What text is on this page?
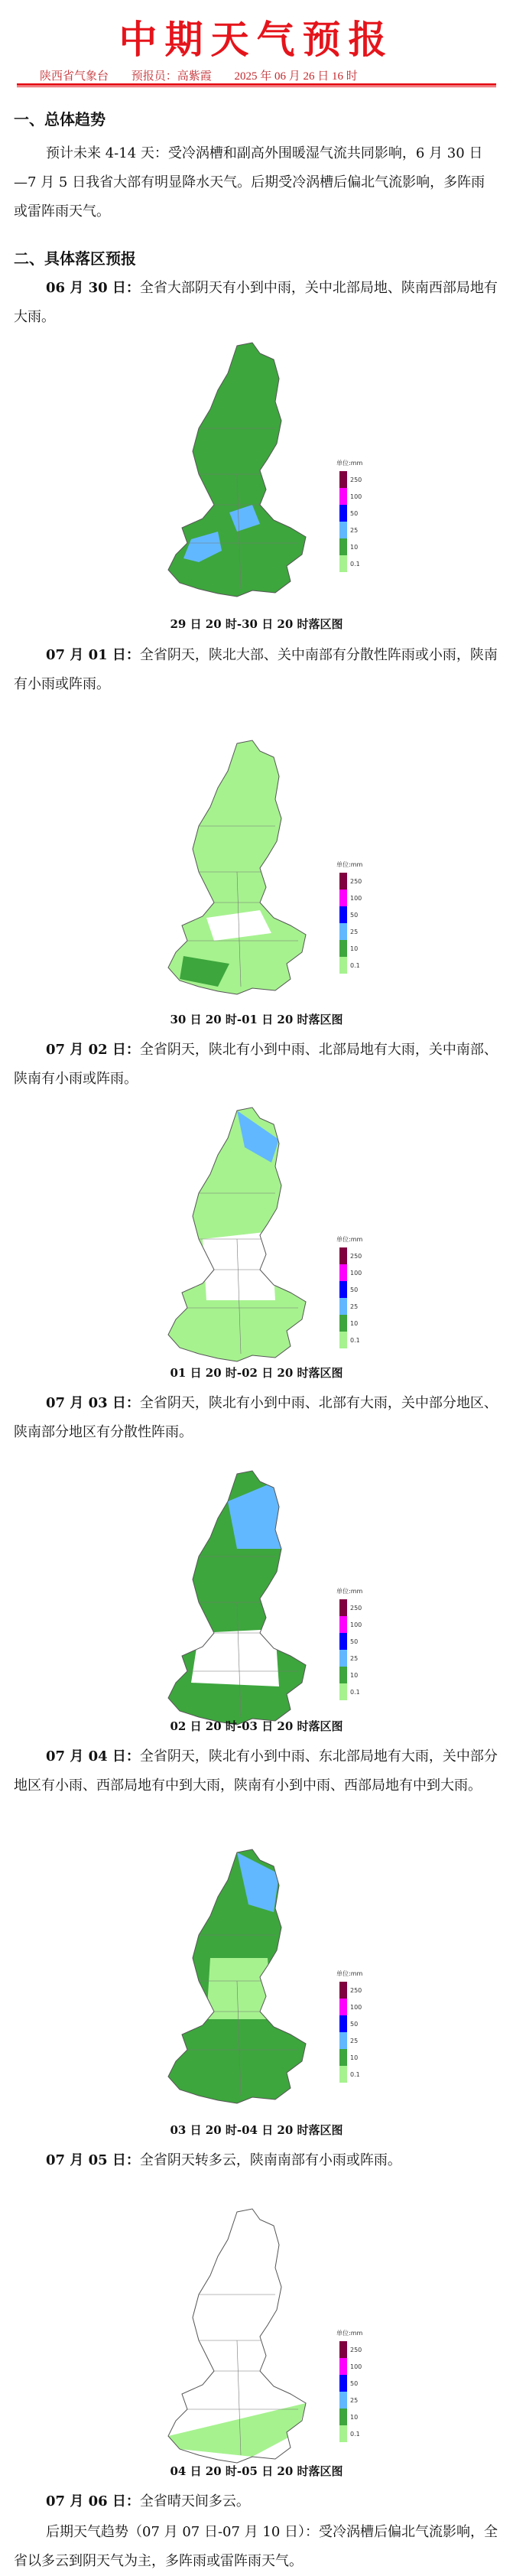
中期天气预报
陕西省气象台 预报员：高紫霞 2025 年 06 月 26 日 16 时
一、总体趋势
预计未来 4-14 天：受冷涡槽和副高外围暖湿气流共同影响，6 月 30 日—7 月 5 日我省大部有明显降水天气。后期受冷涡槽后偏北气流影响，多阵雨或雷阵雨天气。
二、具体落区预报
06 月 30 日：全省大部阴天有小到中雨，关中北部局地、陕南西部局地有大雨。
单位:mm
250
100
50
25
10
0.1
29 日 20 时-30 日 20 时落区图
07 月 01 日：全省阴天，陕北大部、关中南部有分散性阵雨或小雨，陕南有小雨或阵雨。
单位:mm
250
100
50
25
10
0.1
30 日 20 时-01 日 20 时落区图
07 月 02 日：全省阴天，陕北有小到中雨、北部局地有大雨，关中南部、陕南有小雨或阵雨。
单位:mm
250
100
50
25
10
0.1
01 日 20 时-02 日 20 时落区图
07 月 03 日：全省阴天，陕北有小到中雨、北部有大雨，关中部分地区、陕南部分地区有分散性阵雨。
单位:mm
250
100
50
25
10
0.1
02 日 20 时-03 日 20 时落区图
07 月 04 日：全省阴天，陕北有小到中雨、东北部局地有大雨，关中部分地区有小雨、西部局地有中到大雨，陕南有小到中雨、西部局地有中到大雨。
单位:mm
250
100
50
25
10
0.1
03 日 20 时-04 日 20 时落区图
07 月 05 日：全省阴天转多云，陕南南部有小雨或阵雨。
单位:mm
250
100
50
25
10
0.1
04 日 20 时-05 日 20 时落区图
07 月 06 日：全省晴天间多云。
后期天气趋势（07 月 07 日-07 月 10 日）：受冷涡槽后偏北气流影响，全省以多云到阴天气为主，多阵雨或雷阵雨天气。
